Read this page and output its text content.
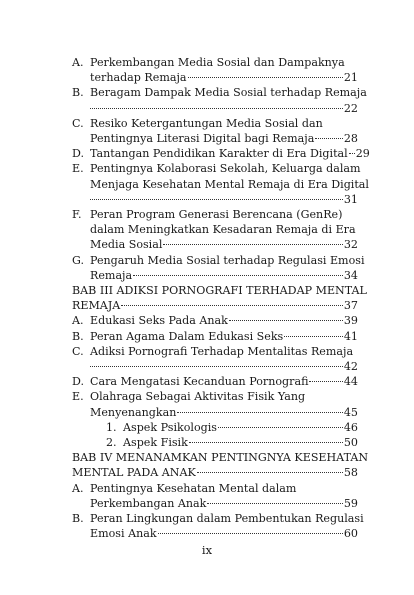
A. Perkembangan Media Sosial dan Dampaknya
terhadap Remaja	21
B. Beragam Dampak Media Sosial terhadap Remaja
22
C. Resiko Ketergantungan Media Sosial dan
Pentingnya Literasi Digital bagi Remaja	28
D. Tantangan Pendidikan Karakter di Era Digital 29
E. Pentingnya Kolaborasi Sekolah, Keluarga dalam
Menjaga Kesehatan Mental Remaja di Era Digital
31
F. Peran Program Generasi Berencana (GenRe)
dalam Meningkatkan Kesadaran Remaja di Era
Media Sosial	32
G. Pengaruh Media Sosial terhadap Regulasi Emosi
Remaja	34
BAB III ADIKSI PORNOGRAFI TERHADAP MENTAL
REMAJA	37
A. Edukasi Seks Pada Anak	39
B. Peran Agama Dalam Edukasi Seks	41
C. Adiksi Pornografi Terhadap Mentalitas Remaja
42
D. Cara Mengatasi Kecanduan Pornografi	44
E. Olahraga Sebagai Aktivitas Fisik Yang
Menyenangkan	45
1. Aspek Psikologis	46
2. Aspek Fisik	50
BAB IV MENANAMKAN PENTINGNYA KESEHATAN
MENTAL PADA ANAK	58
A. Pentingnya Kesehatan Mental dalam
Perkembangan Anak	59
B. Peran Lingkungan dalam Pembentukan Regulasi
Emosi Anak	60
ix
